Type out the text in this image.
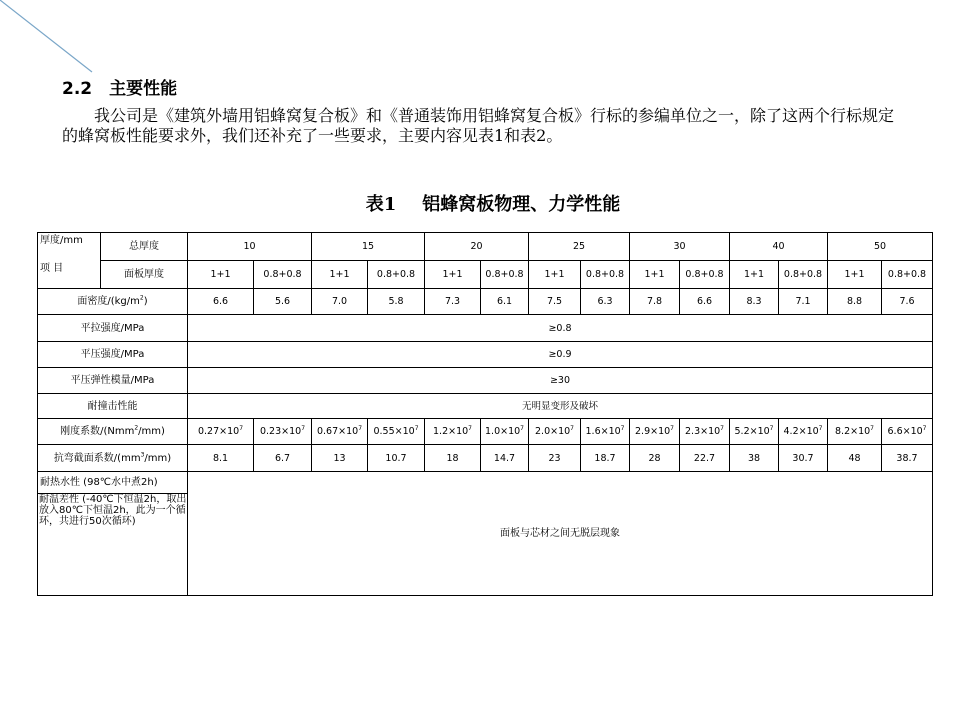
2.2　主要性能

我公司是《建筑外墙用铝蜂窝复合板》和《普通装饰用铝蜂窝复合板》行标的参编单位之一，除了这两个行标规定的蜂窝板性能要求外，我们还补充了一些要求，主要内容见表1和表2。

表1 铝蜂窝板物理、力学性能
厚度/mm
项 目	总厚度	10		15		20		25		30		40		50	
	面板厚度	1+1	0.8+0.8	1+1	0.8+0.8	1+1	0.8+0.8	1+1	0.8+0.8	1+1	0.8+0.8	1+1	0.8+0.8	1+1	0.8+0.8
面密度$/(kg/m^2)$		6.6	5.6	7.0	5.8	7.3	6.1	7.5	6.3	7.8	6.6	8.3	7.1	8.8	7.6
平拉强度/MPa		≥0.8													
平压强度/MPa		≥0.9													
平压弹性模量/MPa		≥30													
耐撞击性能		无明显变形及破坏													
刚度系数/(Nmm$^2$/mm)		$0.27\times 10^7$	$0.23\times 10^7$	$0.67\times 10^7$	$0.55\times 10^7$	$1.2\times 10^7$	$1.0\times 10^7$	$2.0\times 10^7$	$1.6\times 10^7$	$2.9\times 10^7$	$2.3\times 10^7$	$5.2\times 10^7$	$4.2\times 10^7$	$8.2\times 10^7$	$6.6\times 10^7$
抗弯截面系数$/(mm^3/mm)$		8.1	6.7	13	10.7	18	14.7	23	18.7	28	22.7	38	30.7	48	38.7
耐热水性 (98℃水中煮2h)		面板与芯材之间无脱层现象													
耐温差性 (-40℃下恒温2h，取出放入80℃下恒温2h，此为一个循环，共进行50次循环)															
